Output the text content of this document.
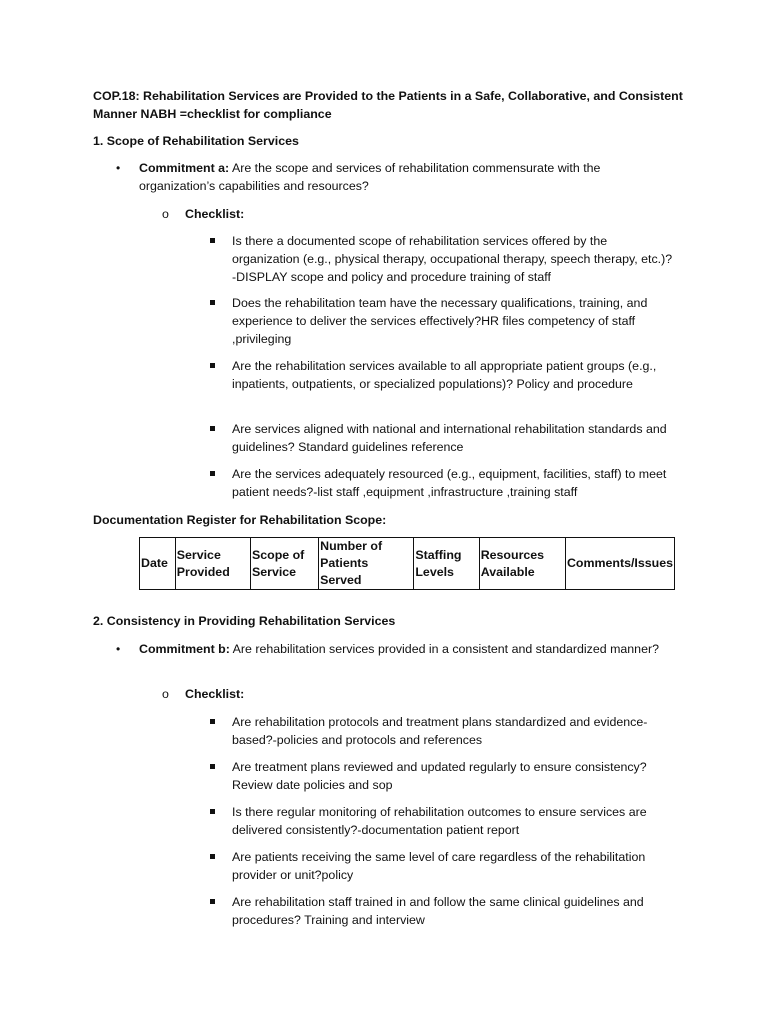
COP.18: Rehabilitation Services are Provided to the Patients in a Safe, Collaborative, and Consistent Manner NABH =checklist for compliance
1. Scope of Rehabilitation Services
• Commitment a: Are the scope and services of rehabilitation commensurate with the organization’s capabilities and resources?
o Checklist:
Is there a documented scope of rehabilitation services offered by the organization (e.g., physical therapy, occupational therapy, speech therapy, etc.)?-DISPLAY scope and policy and procedure training of staff
Does the rehabilitation team have the necessary qualifications, training, and experience to deliver the services effectively?HR files competency of staff ,privileging
Are the rehabilitation services available to all appropriate patient groups (e.g., inpatients, outpatients, or specialized populations)? Policy and procedure
Are services aligned with national and international rehabilitation standards and guidelines? Standard guidelines reference
Are the services adequately resourced (e.g., equipment, facilities, staff) to meet patient needs?-list staff ,equipment ,infrastructure ,training staff
Documentation Register for Rehabilitation Scope:
Date	Service Provided	Scope of Service	Number of Patients Served	Staffing Levels	Resources Available	Comments/Issues
2. Consistency in Providing Rehabilitation Services
• Commitment b: Are rehabilitation services provided in a consistent and standardized manner?
o Checklist:
Are rehabilitation protocols and treatment plans standardized and evidence-based?-policies and protocols and references
Are treatment plans reviewed and updated regularly to ensure consistency? Review date policies and sop
Is there regular monitoring of rehabilitation outcomes to ensure services are delivered consistently?-documentation patient report
Are patients receiving the same level of care regardless of the rehabilitation provider or unit?policy
Are rehabilitation staff trained in and follow the same clinical guidelines and procedures? Training and interview
